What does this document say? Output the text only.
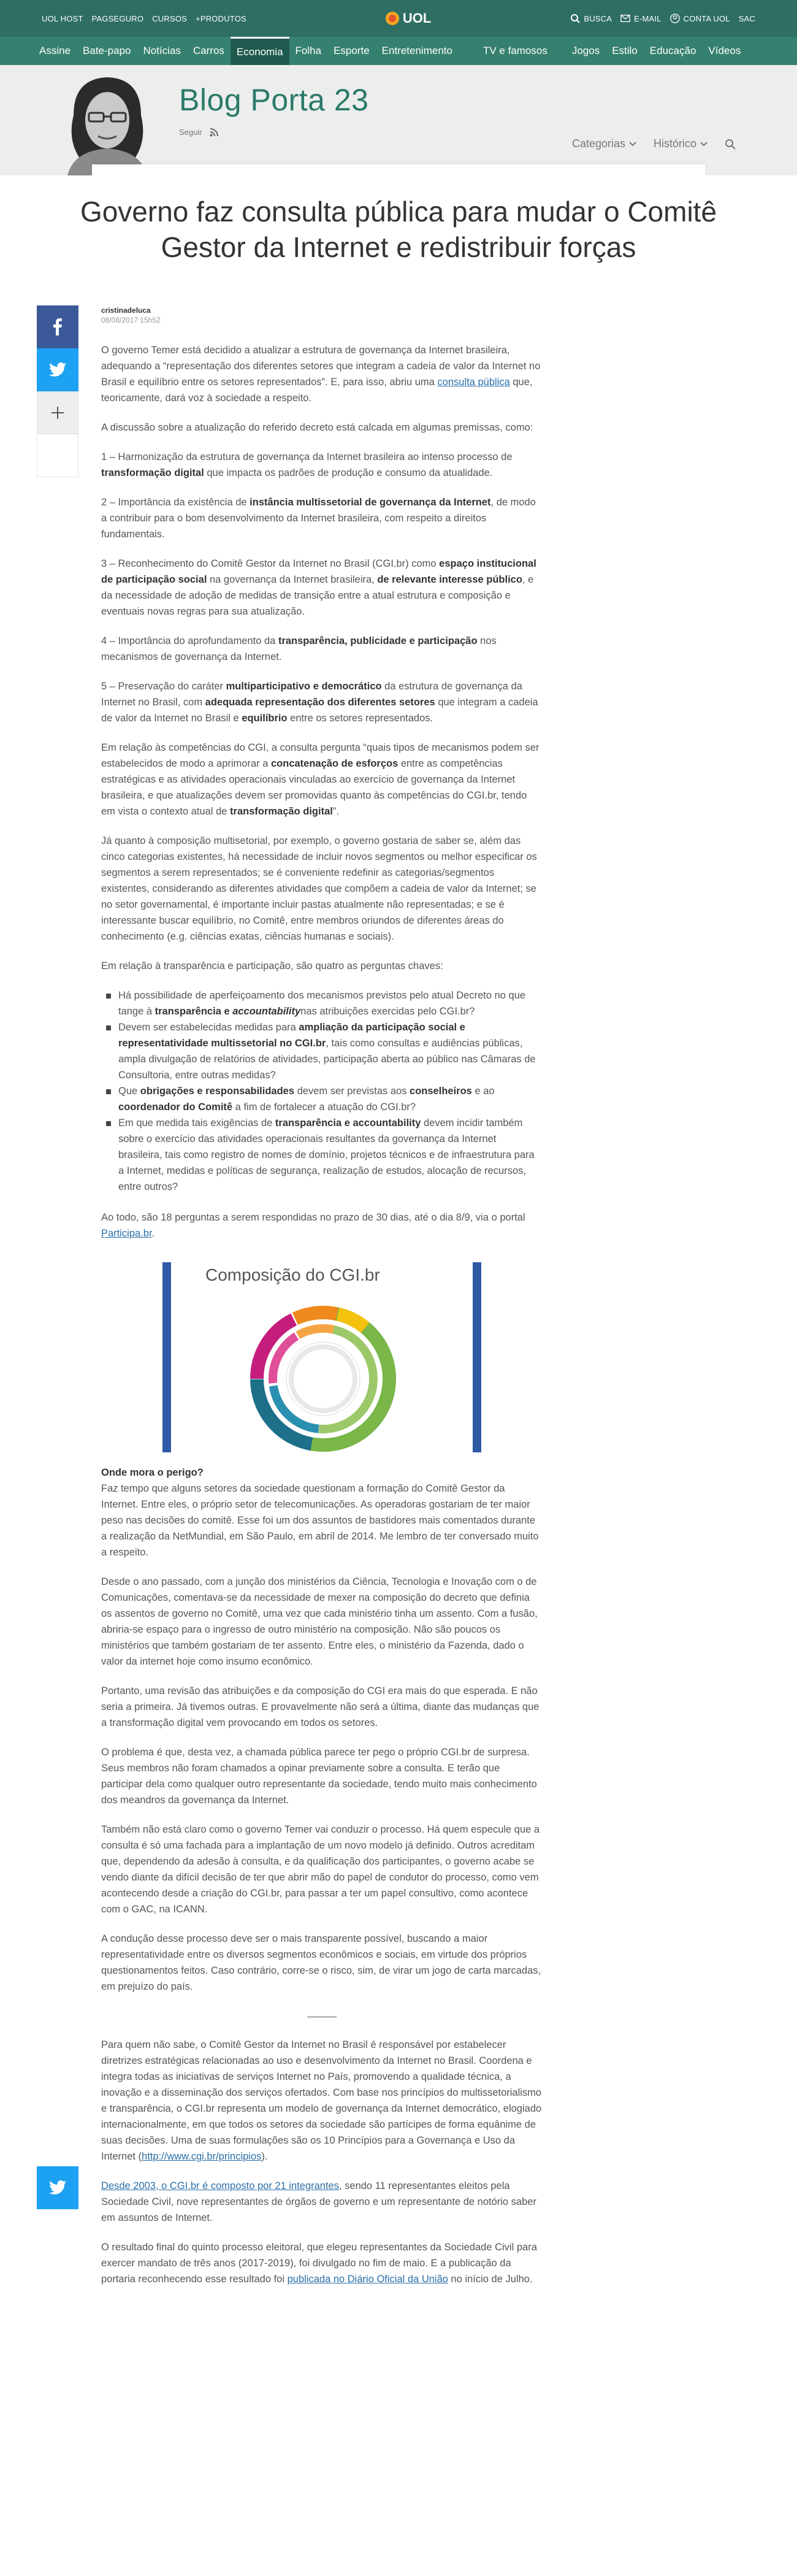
UOL HOST PAGSEGURO CURSOS +PRODUTOS	UOL	BUSCA	E-MAIL	CONTA UOL SAC
Assine	Bate-papo	Notícias	Carros	Economia	Folha	Esporte	Entretenimento	TV e famosos	Jogos	Estilo	Educação	Vídeos
Blog Porta 23
Seguir
Categorias	Histórico
Governo faz consulta pública para mudar o Comitê
Gestor da Internet e redistribuir forças
cristinadeluca
08/08/2017 15h52

O governo Temer está decidido a atualizar a estrutura de governança da Internet brasileira, adequando a “representação dos diferentes setores que integram a cadeia de valor da Internet no Brasil e equilíbrio entre os setores representados”. E, para isso, abriu uma consulta pública que, teoricamente, dará voz à sociedade a respeito.

A discussão sobre a atualização do referido decreto está calcada em algumas premissas, como:

1 – Harmonização da estrutura de governança da Internet brasileira ao intenso processo de transformação digital que impacta os padrões de produção e consumo da atualidade.

2 – Importância da existência de instância multissetorial de governança da Internet, de modo a contribuir para o bom desenvolvimento da Internet brasileira, com respeito a direitos fundamentais.

3 – Reconhecimento do Comitê Gestor da Internet no Brasil (CGI.br) como espaço institucional de participação social na governança da Internet brasileira, de relevante interesse público, e da necessidade de adoção de medidas de transição entre a atual estrutura e composição e eventuais novas regras para sua atualização.

4 – Importância do aprofundamento da transparência, publicidade e participação nos mecanismos de governança da Internet.

5 – Preservação do caráter multiparticipativo e democrático da estrutura de governança da Internet no Brasil, com adequada representação dos diferentes setores que integram a cadeia de valor da Internet no Brasil e equilíbrio entre os setores representados.

Em relação às competências do CGI, a consulta pergunta “quais tipos de mecanismos podem ser estabelecidos de modo a aprimorar a concatenação de esforços entre as competências estratégicas e as atividades operacionais vinculadas ao exercício de governança da Internet brasileira, e que atualizações devem ser promovidas quanto às competências do CGI.br, tendo em vista o contexto atual de transformação digital”.

Já quanto à composição multisetorial, por exemplo, o governo gostaria de saber se, além das cinco categorias existentes, há necessidade de incluir novos segmentos ou melhor especificar os segmentos a serem representados; se é conveniente redefinir as categorias/segmentos existentes, considerando as diferentes atividades que compõem a cadeia de valor da Internet; se no setor governamental, é importante incluir pastas atualmente não representadas; e se é interessante buscar equilíbrio, no Comitê, entre membros oriundos de diferentes áreas do conhecimento (e.g. ciências exatas, ciências humanas e sociais).

Em relação à transparência e participação, são quatro as perguntas chaves:

Há possibilidade de aperfeiçoamento dos mecanismos previstos pelo atual Decreto no que tange à transparência e accountabilitynas atribuições exercidas pelo CGI.br?
Devem ser estabelecidas medidas para ampliação da participação social e representatividade multissetorial no CGI.br, tais como consultas e audiências públicas, ampla divulgação de relatórios de atividades, participação aberta ao público nas Câmaras de Consultoria, entre outras medidas?
Que obrigações e responsabilidades devem ser previstas aos conselheiros e ao coordenador do Comitê a fim de fortalecer a atuação do CGI.br?
Em que medida tais exigências de transparência e accountability devem incidir também sobre o exercício das atividades operacionais resultantes da governança da Internet brasileira, tais como registro de nomes de domínio, projetos técnicos e de infraestrutura para a Internet, medidas e políticas de segurança, realização de estudos, alocação de recursos, entre outros?

Ao todo, são 18 perguntas a serem respondidas no prazo de 30 dias, até o dia 8/9, via o portal Participa.br.

Composição do CGI.br

Onde mora o perigo?
Faz tempo que alguns setores da sociedade questionam a formação do Comitê Gestor da Internet. Entre eles, o próprio setor de telecomunicações. As operadoras gostariam de ter maior peso nas decisões do comitê. Esse foi um dos assuntos de bastidores mais comentados durante a realização da NetMundial, em São Paulo, em abril de 2014. Me lembro de ter conversado muito a respeito.

Desde o ano passado, com a junção dos ministérios da Ciência, Tecnologia e Inovação com o de Comunicações, comentava-se da necessidade de mexer na composição do decreto que definia os assentos de governo no Comitê, uma vez que cada ministério tinha um assento. Com a fusão, abriria-se espaço para o ingresso de outro ministério na composição. Não são poucos os ministérios que também gostariam de ter assento. Entre eles, o ministério da Fazenda, dado o valor da internet hoje como insumo econômico.

Portanto, uma revisão das atribuições e da composição do CGI era mais do que esperada. E não seria a primeira. Já tivemos outras. E provavelmente não será a última, diante das mudanças que a transformação digital vem provocando em todos os setores.

O problema é que, desta vez, a chamada pública parece ter pego o próprio CGI.br de surpresa. Seus membros não foram chamados a opinar previamente sobre a consulta. E terão que participar dela como qualquer outro representante da sociedade, tendo muito mais conhecimento dos meandros da governança da Internet.

Também não está claro como o governo Temer vai conduzir o processo. Há quem especule que a consulta é só uma fachada para a implantação de um novo modelo já definido. Outros acreditam que, dependendo da adesão à consulta, e da qualificação dos participantes, o governo acabe se vendo diante da difícil decisão de ter que abrir mão do papel de condutor do processo, como vem acontecendo desde a criação do CGI.br, para passar a ter um papel consultivo, como acontece com o GAC, na ICANN.

A condução desse processo deve ser o mais transparente possível, buscando a maior representatividade entre os diversos segmentos econômicos e sociais, em virtude dos próprios questionamentos feitos. Caso contrário, corre-se o risco, sim, de virar um jogo de carta marcadas, em prejuízo do país.

Para quem não sabe, o Comitê Gestor da Internet no Brasil é responsável por estabelecer diretrizes estratégicas relacionadas ao uso e desenvolvimento da Internet no Brasil. Coordena e integra todas as iniciativas de serviços Internet no País, promovendo a qualidade técnica, a inovação e a disseminação dos serviços ofertados. Com base nos princípios do multissetorialismo e transparência, o CGI.br representa um modelo de governança da Internet democrático, elogiado internacionalmente, em que todos os setores da sociedade são partícipes de forma equânime de suas decisões. Uma de suas formulações são os 10 Princípios para a Governança e Uso da Internet (http://www.cgi.br/principios).

Desde 2003, o CGI.br é composto por 21 integrantes, sendo 11 representantes eleitos pela Sociedade Civil, nove representantes de órgãos de governo e um representante de notório saber em assuntos de Internet.

O resultado final do quinto processo eleitoral, que elegeu representantes da Sociedade Civil para exercer mandato de três anos (2017-2019), foi divulgado no fim de maio. E a publicação da portaria reconhecendo esse resultado foi publicada no Diário Oficial da União no início de Julho.
